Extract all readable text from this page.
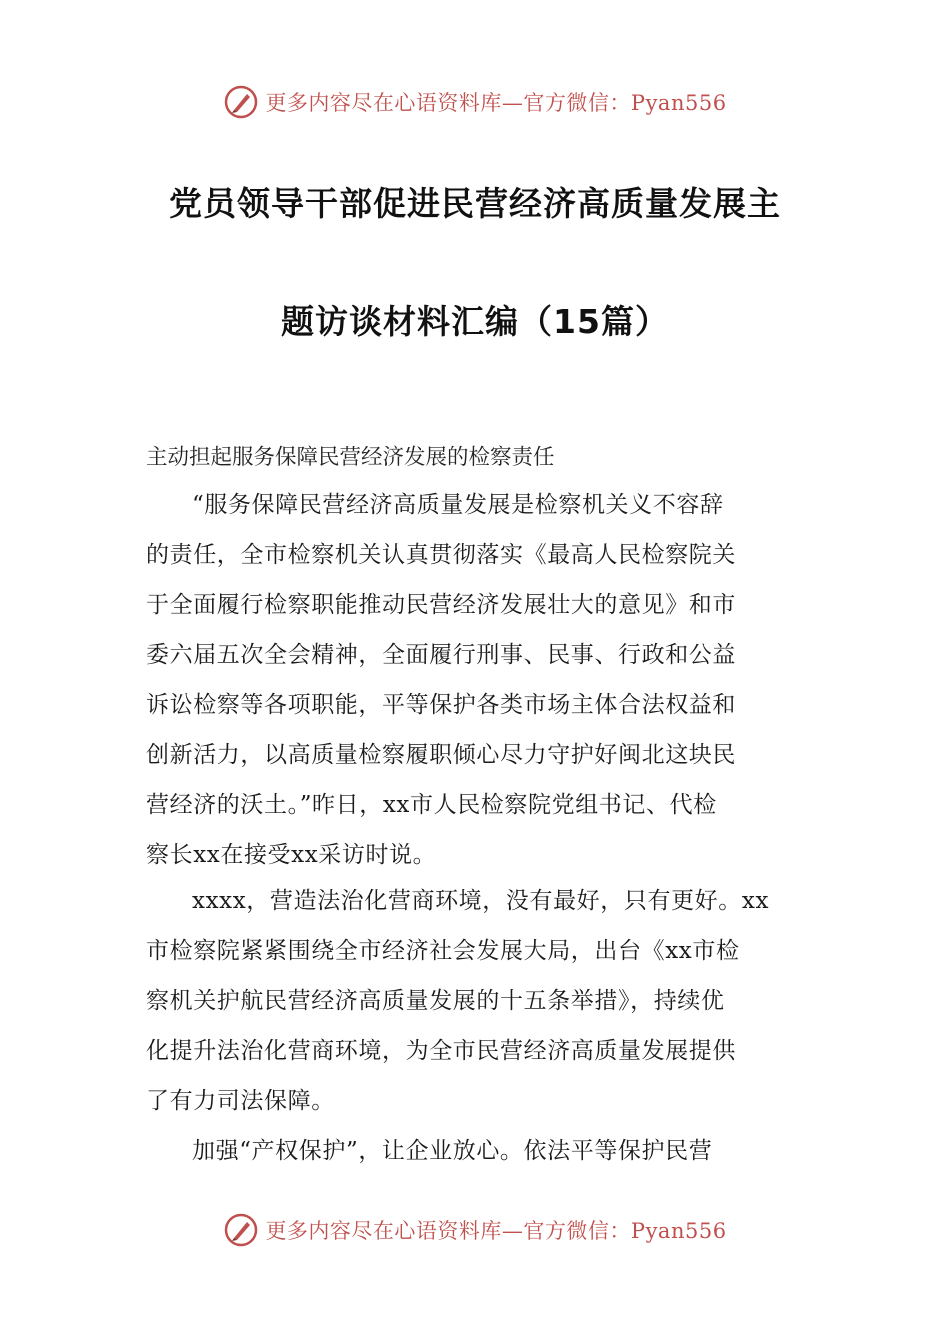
更多内容尽在心语资料库—官方微信：Pyan556
党员领导干部促进民营经济高质量发展主
题访谈材料汇编（15篇）
主动担起服务保障民营经济发展的检察责任
“服务保障民营经济高质量发展是检察机关义不容辞
的责任，全市检察机关认真贯彻落实《最高人民检察院关
于全面履行检察职能推动民营经济发展壮大的意见》和市
委六届五次全会精神，全面履行刑事、民事、行政和公益
诉讼检察等各项职能，平等保护各类市场主体合法权益和
创新活力，以高质量检察履职倾心尽力守护好闽北这块民
营经济的沃土。”昨日，xx市人民检察院党组书记、代检
察长xx在接受xx采访时说。
xxxx，营造法治化营商环境，没有最好，只有更好。xx
市检察院紧紧围绕全市经济社会发展大局，出台《xx市检
察机关护航民营经济高质量发展的十五条举措》，持续优
化提升法治化营商环境，为全市民营经济高质量发展提供
了有力司法保障。
加强“产权保护”，让企业放心。依法平等保护民营
更多内容尽在心语资料库—官方微信：Pyan556
